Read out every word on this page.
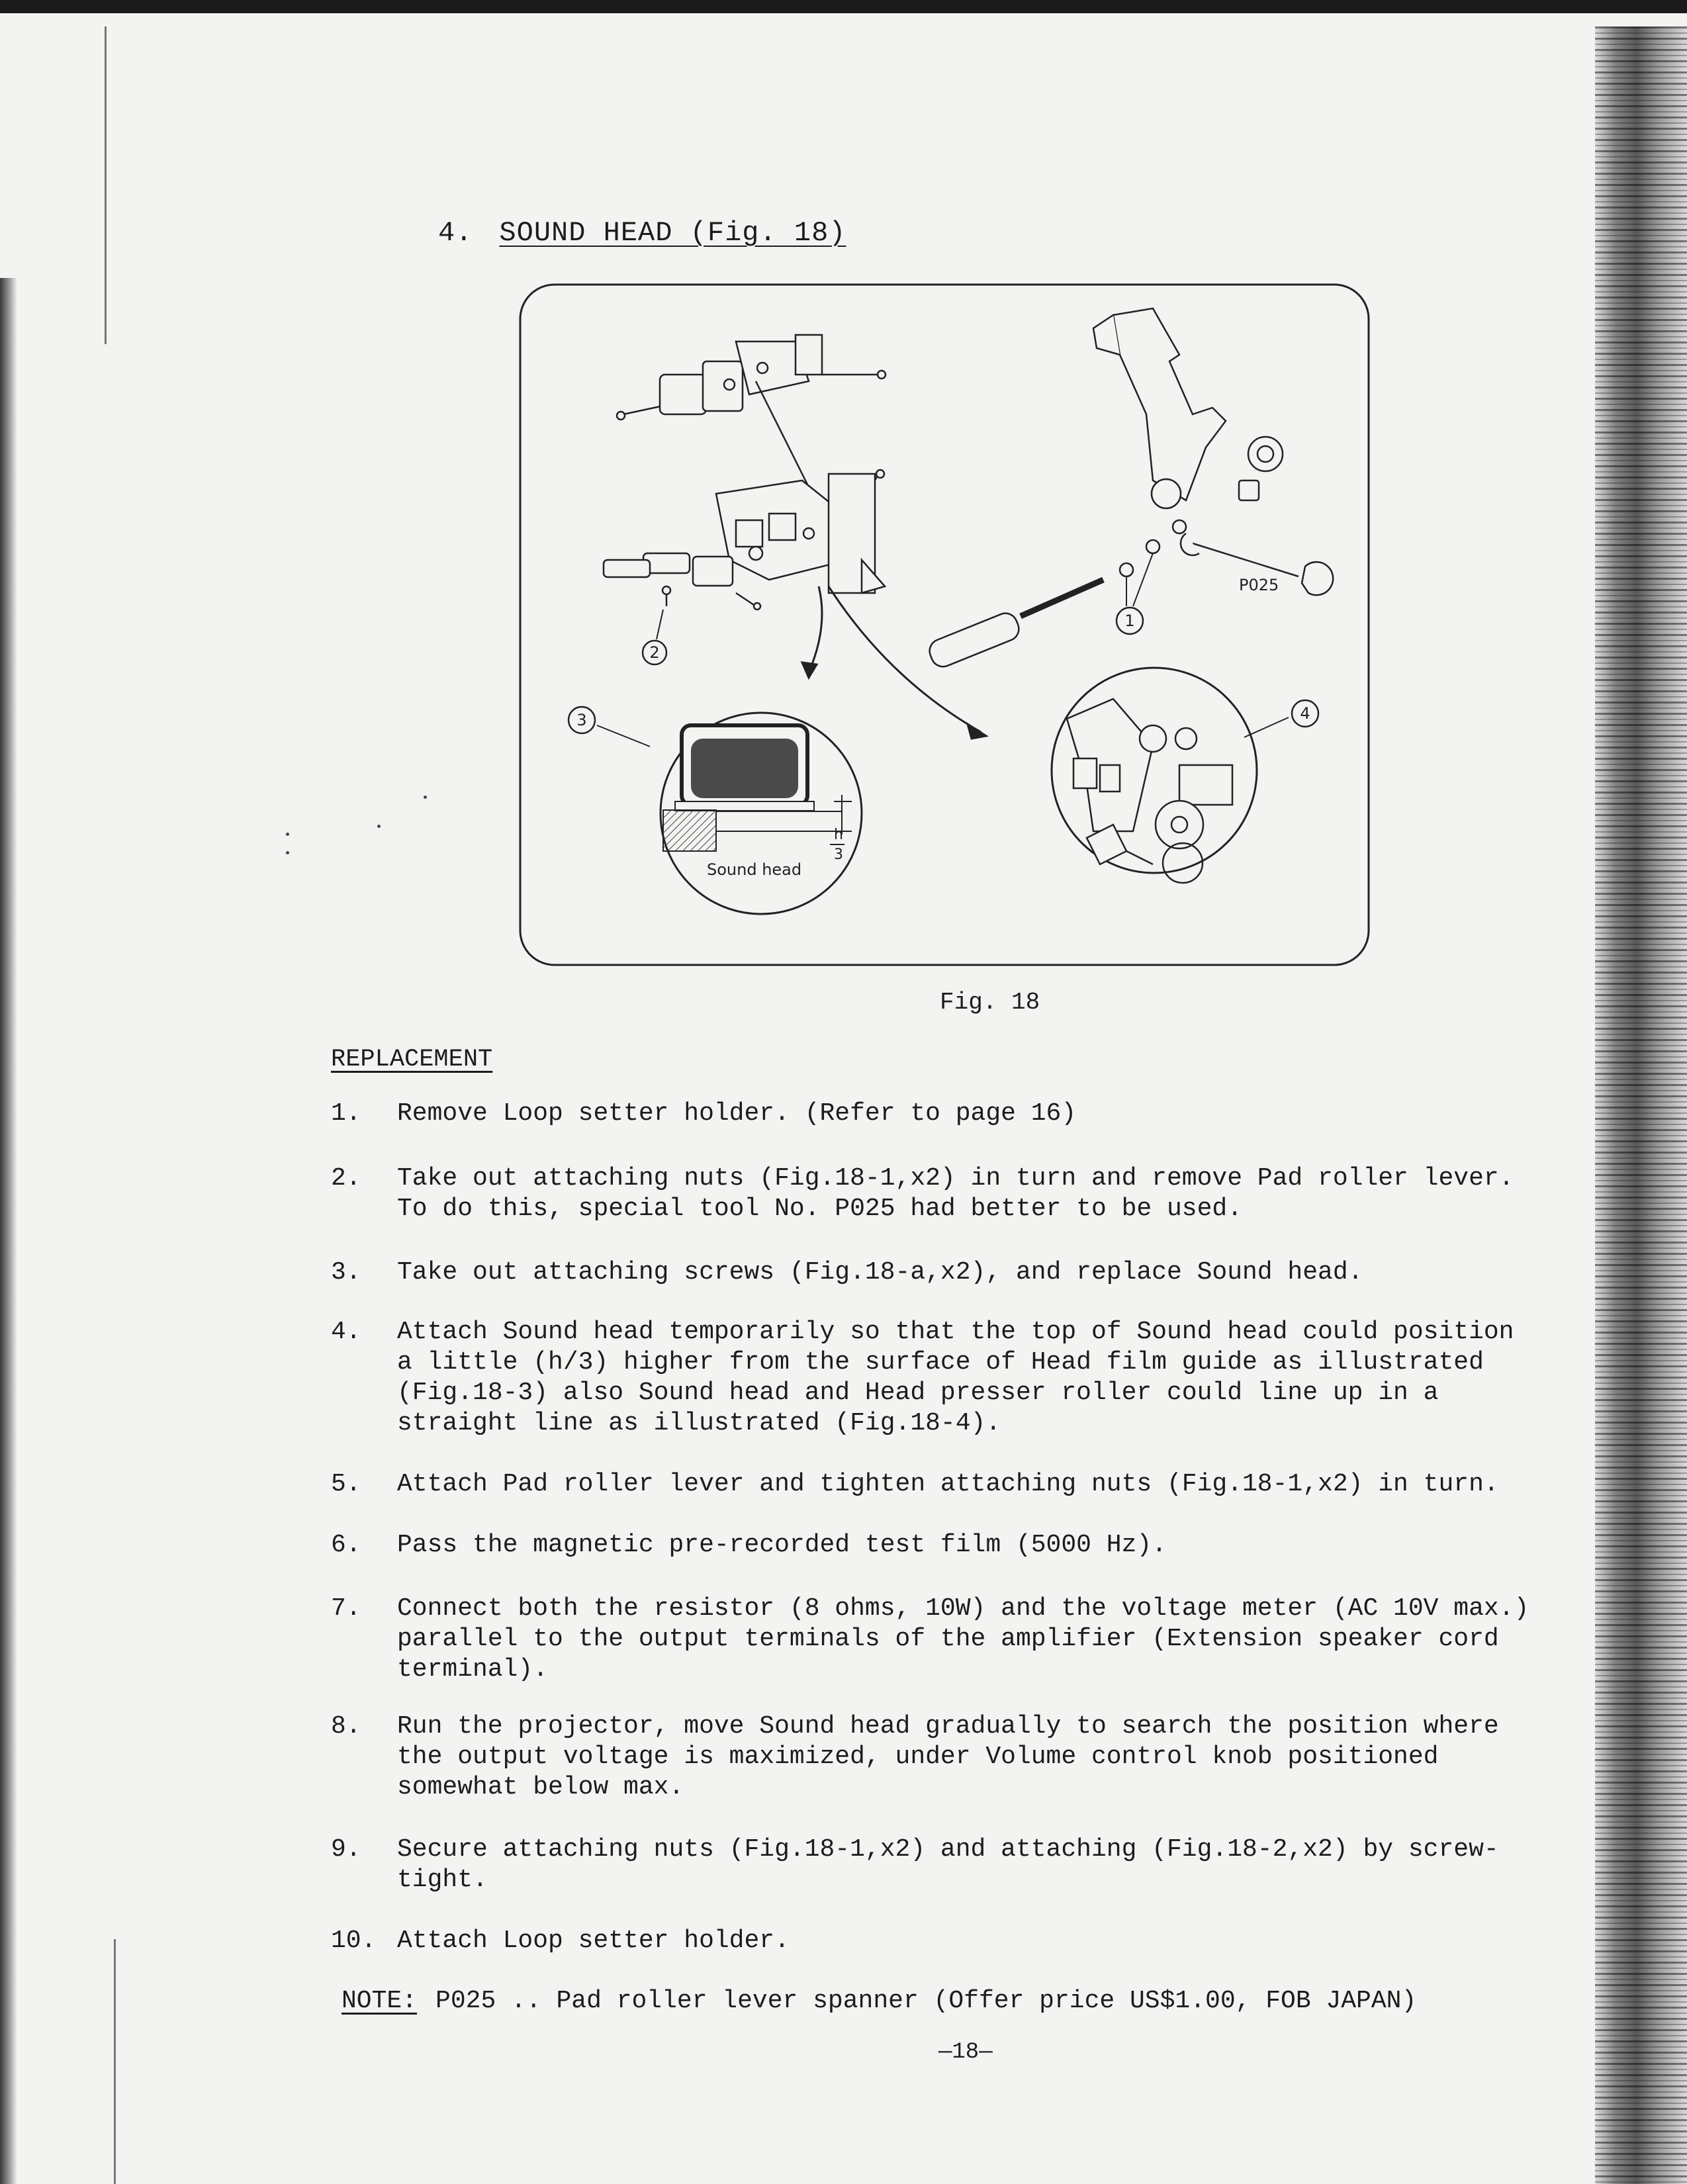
4. SOUND HEAD (Fig. 18)
2
P025
1
h
3
Sound head
3	4
Fig. 18
REPLACEMENT
1. Remove Loop setter holder. (Refer to page 16)
2. Take out attaching nuts (Fig.18-1,x2) in turn and remove Pad roller lever.
To do this, special tool No. P025 had better to be used.
3. Take out attaching screws (Fig.18-a,x2), and replace Sound head.
4. Attach Sound head temporarily so that the top of Sound head could position
a little (h/3) higher from the surface of Head film guide as illustrated
(Fig.18-3) also Sound head and Head presser roller could line up in a
straight line as illustrated (Fig.18-4).
5. Attach Pad roller lever and tighten attaching nuts (Fig.18-1,x2) in turn.
6. Pass the magnetic pre-recorded test film (5000 Hz).
7. Connect both the resistor (8 ohms, 10W) and the voltage meter (AC 10V max.)
parallel to the output terminals of the amplifier (Extension speaker cord
terminal).
8. Run the projector, move Sound head gradually to search the position where
the output voltage is maximized, under Volume control knob positioned
somewhat below max.
9. Secure attaching nuts (Fig.18-1,x2) and attaching (Fig.18-2,x2) by screw-
tight.
10. Attach Loop setter holder.
NOTE: P025 .. Pad roller lever spanner (Offer price US$1.00, FOB JAPAN)
—18—
